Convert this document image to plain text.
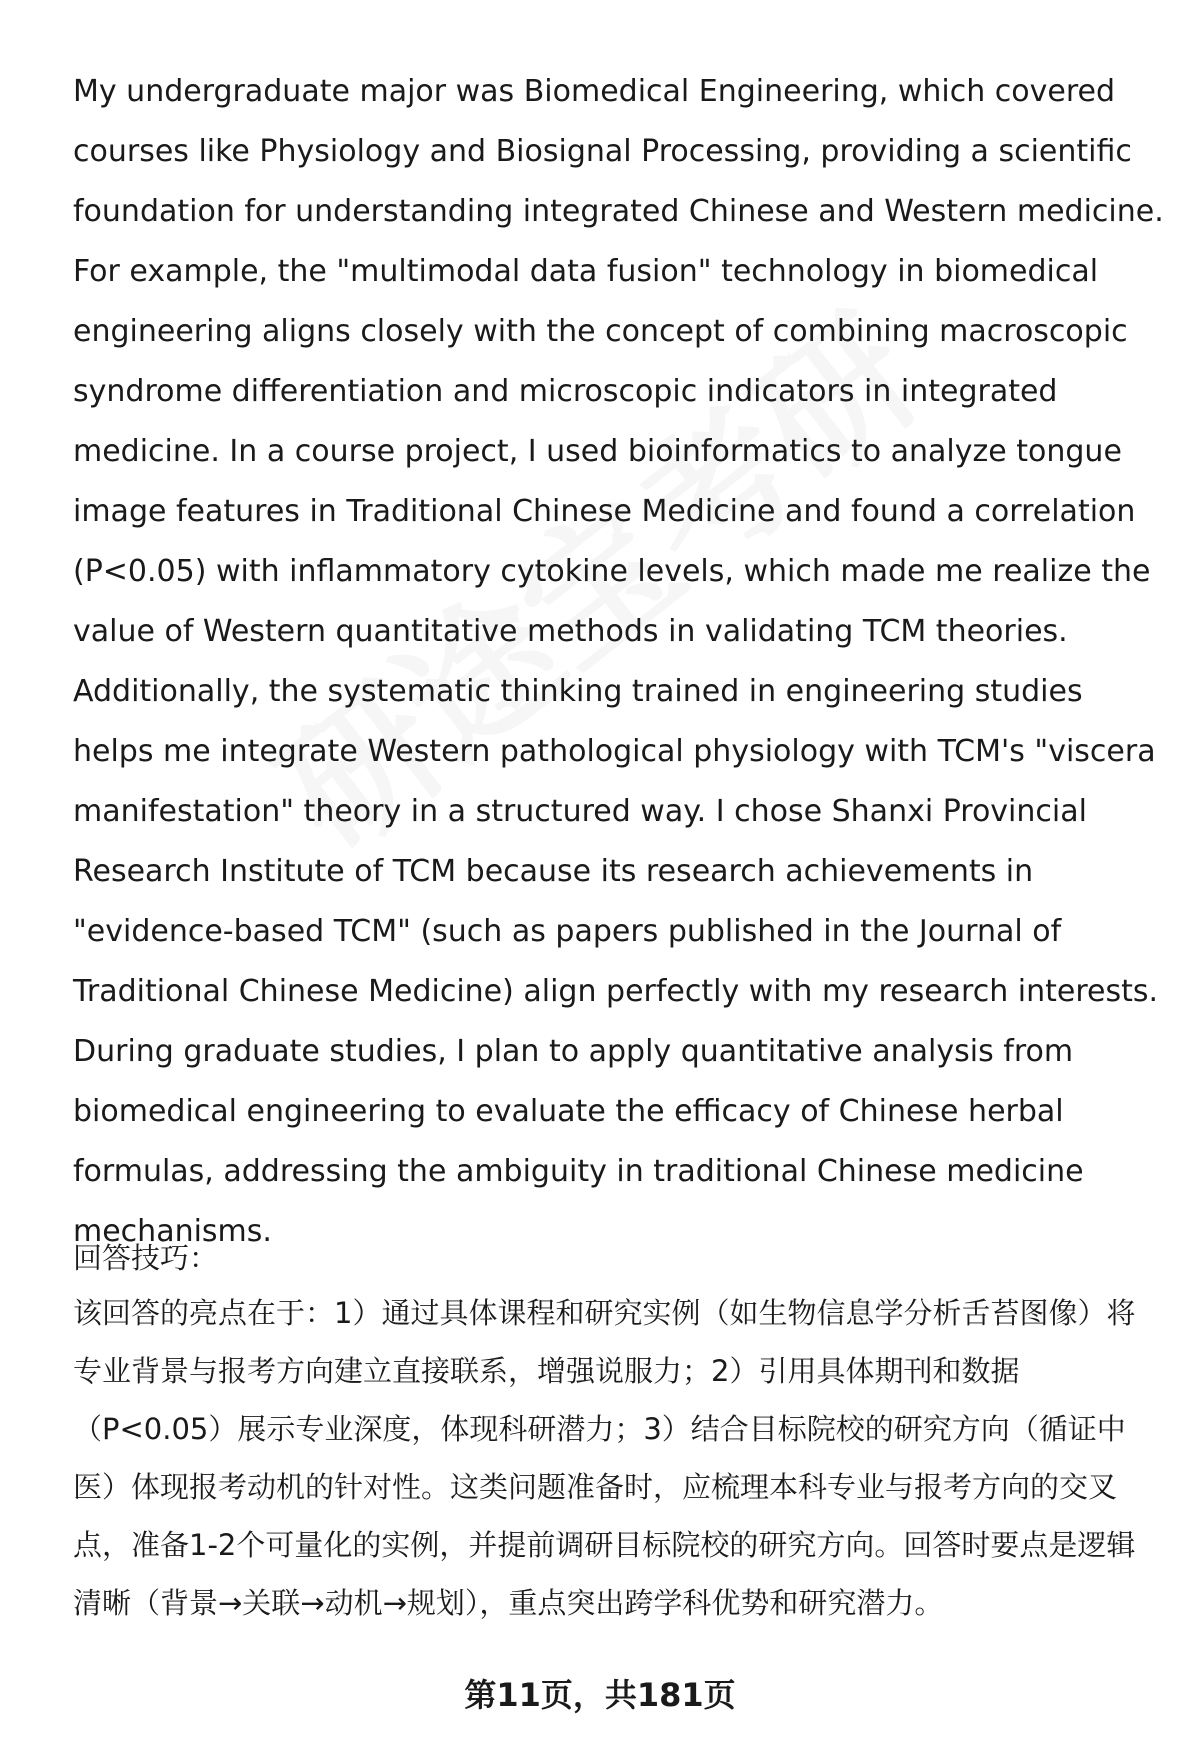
My undergraduate major was Biomedical Engineering, which covered courses like Physiology and Biosignal Processing, providing a scientific foundation for understanding integrated Chinese and Western medicine. For example, the "multimodal data fusion" technology in biomedical engineering aligns closely with the concept of combining macroscopic syndrome differentiation and microscopic indicators in integrated medicine. In a course project, I used bioinformatics to analyze tongue image features in Traditional Chinese Medicine and found a correlation (P<0.05) with inflammatory cytokine levels, which made me realize the value of Western quantitative methods in validating TCM theories. Additionally, the systematic thinking trained in engineering studies helps me integrate Western pathological physiology with TCM's "viscera manifestation" theory in a structured way. I chose Shanxi Provincial Research Institute of TCM because its research achievements in "evidence-based TCM" (such as papers published in the Journal of Traditional Chinese Medicine) align perfectly with my research interests. During graduate studies, I plan to apply quantitative analysis from biomedical engineering to evaluate the efficacy of Chinese herbal formulas, addressing the ambiguity in traditional Chinese medicine mechanisms.

回答技巧：

该回答的亮点在于：1）通过具体课程和研究实例（如生物信息学分析舌苔图像）将专业背景与报考方向建立直接联系，增强说服力；2）引用具体期刊和数据（P<0.05）展示专业深度，体现科研潜力；3）结合目标院校的研究方向（循证中医）体现报考动机的针对性。这类问题准备时，应梳理本科专业与报考方向的交叉点，准备1-2个可量化的实例，并提前调研目标院校的研究方向。回答时要点是逻辑清晰（背景→关联→动机→规划），重点突出跨学科优势和研究潜力。

第11页，共181页
